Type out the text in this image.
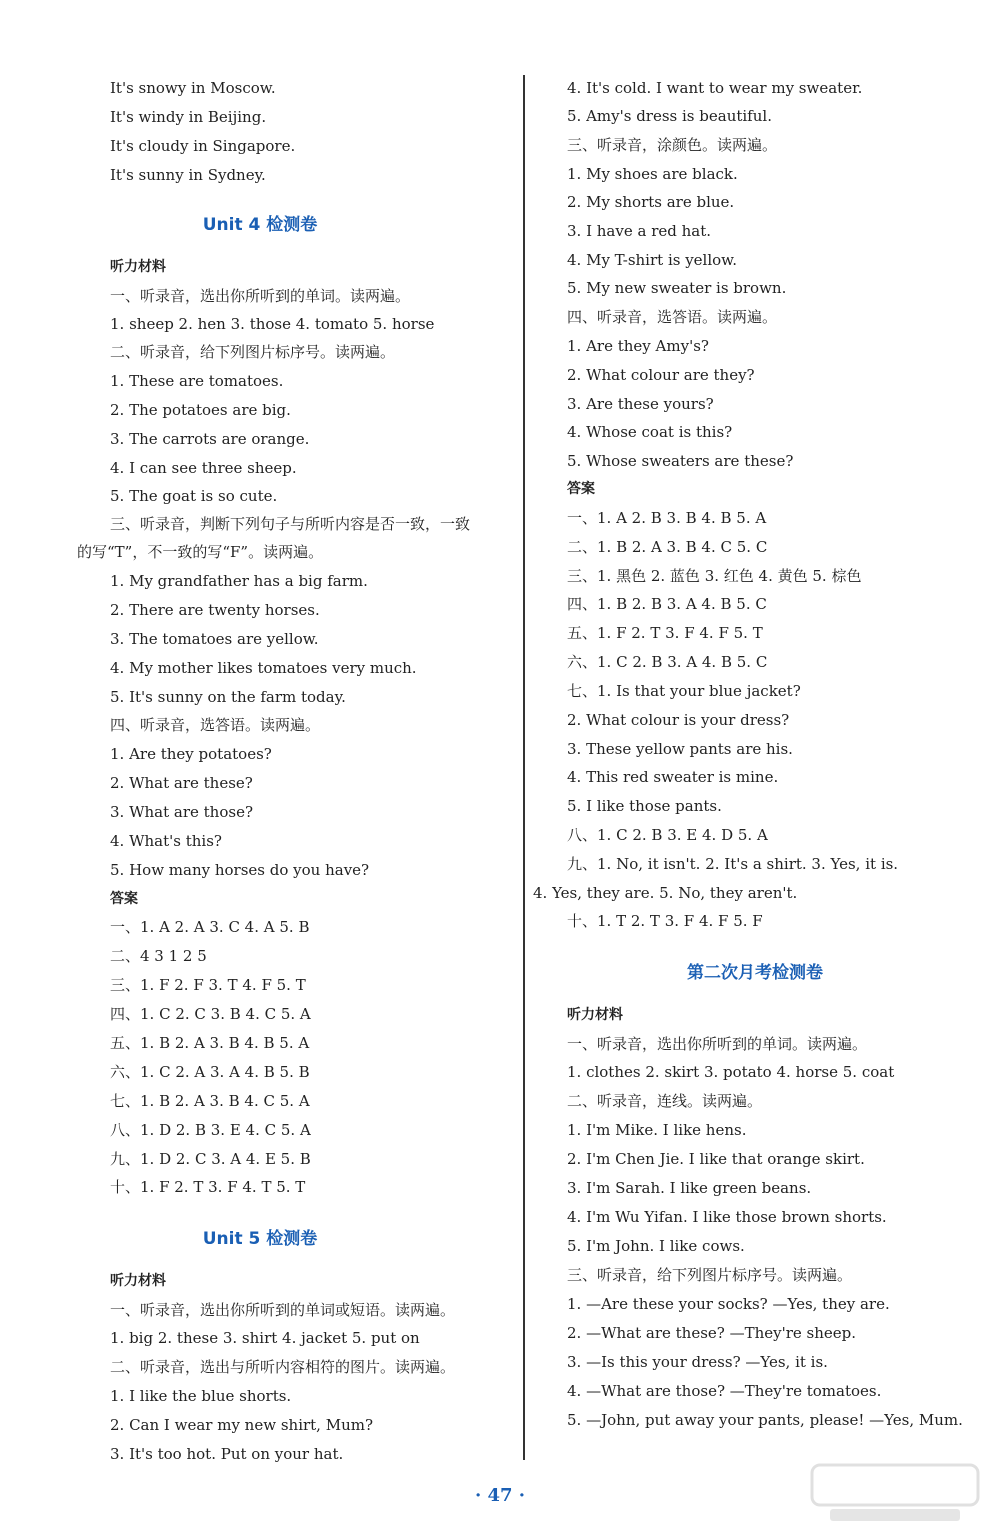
It's snowy in Moscow.
It's windy in Beijing.
It's cloudy in Singapore.
It's sunny in Sydney.
Unit 4 检测卷
听力材料
一、听录音，选出你所听到的单词。读两遍。
1. sheep 2. hen 3. those 4. tomato 5. horse
二、听录音，给下列图片标序号。读两遍。
1. These are tomatoes.
2. The potatoes are big.
3. The carrots are orange.
4. I can see three sheep.
5. The goat is so cute.
三、听录音，判断下列句子与所听内容是否一致，一致
的写“T”，不一致的写“F”。读两遍。
1. My grandfather has a big farm.
2. There are twenty horses.
3. The tomatoes are yellow.
4. My mother likes tomatoes very much.
5. It's sunny on the farm today.
四、听录音，选答语。读两遍。
1. Are they potatoes?
2. What are these?
3. What are those?
4. What's this?
5. How many horses do you have?
答案
一、1. A 2. A 3. C 4. A 5. B
二、4 3 1 2 5
三、1. F 2. F 3. T 4. F 5. T
四、1. C 2. C 3. B 4. C 5. A
五、1. B 2. A 3. B 4. B 5. A
六、1. C 2. A 3. A 4. B 5. B
七、1. B 2. A 3. B 4. C 5. A
八、1. D 2. B 3. E 4. C 5. A
九、1. D 2. C 3. A 4. E 5. B
十、1. F 2. T 3. F 4. T 5. T
Unit 5 检测卷
听力材料
一、听录音，选出你所听到的单词或短语。读两遍。
1. big 2. these 3. shirt 4. jacket 5. put on
二、听录音，选出与所听内容相符的图片。读两遍。
1. I like the blue shorts.
2. Can I wear my new shirt, Mum?
3. It's too hot. Put on your hat.
4. It's cold. I want to wear my sweater.
5. Amy's dress is beautiful.
三、听录音，涂颜色。读两遍。
1. My shoes are black.
2. My shorts are blue.
3. I have a red hat.
4. My T-shirt is yellow.
5. My new sweater is brown.
四、听录音，选答语。读两遍。
1. Are they Amy's?
2. What colour are they?
3. Are these yours?
4. Whose coat is this?
5. Whose sweaters are these?
答案
一、1. A 2. B 3. B 4. B 5. A
二、1. B 2. A 3. B 4. C 5. C
三、1. 黑色 2. 蓝色 3. 红色 4. 黄色 5. 棕色
四、1. B 2. B 3. A 4. B 5. C
五、1. F 2. T 3. F 4. F 5. T
六、1. C 2. B 3. A 4. B 5. C
七、1. Is that your blue jacket?
2. What colour is your dress?
3. These yellow pants are his.
4. This red sweater is mine.
5. I like those pants.
八、1. C 2. B 3. E 4. D 5. A
九、1. No, it isn't. 2. It's a shirt. 3. Yes, it is.
4. Yes, they are. 5. No, they aren't.
十、1. T 2. T 3. F 4. F 5. F
第二次月考检测卷
听力材料
一、听录音，选出你所听到的单词。读两遍。
1. clothes 2. skirt 3. potato 4. horse 5. coat
二、听录音，连线。读两遍。
1. I'm Mike. I like hens.
2. I'm Chen Jie. I like that orange skirt.
3. I'm Sarah. I like green beans.
4. I'm Wu Yifan. I like those brown shorts.
5. I'm John. I like cows.
三、听录音，给下列图片标序号。读两遍。
1. —Are these your socks? —Yes, they are.
2. —What are these? —They're sheep.
3. —Is this your dress? —Yes, it is.
4. —What are those? —They're tomatoes.
5. —John, put away your pants, please! —Yes, Mum.
· 47 ·
